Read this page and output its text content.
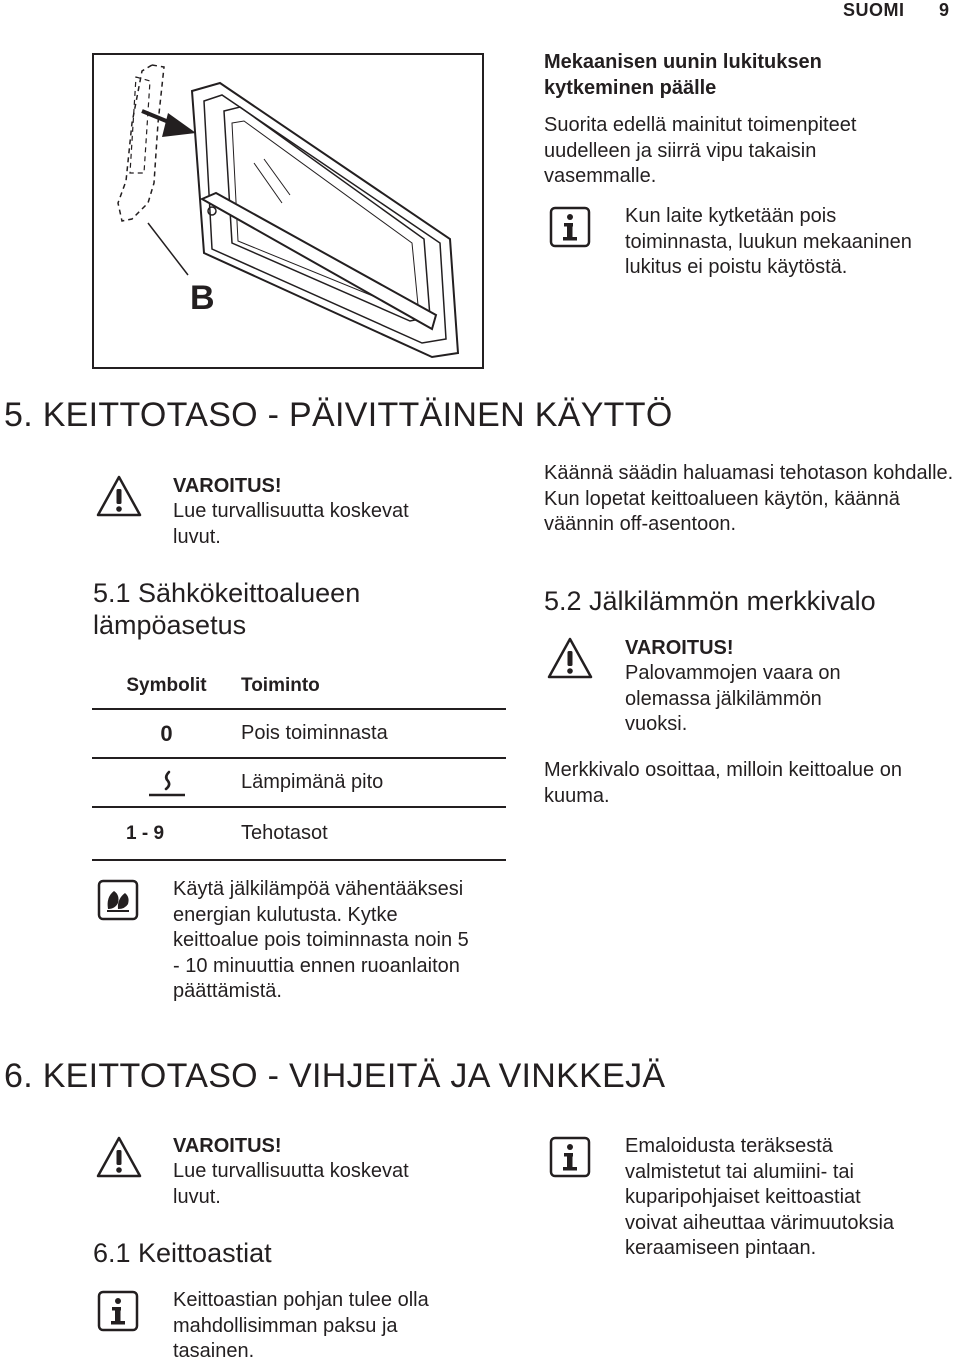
SUOMI 9
B
Mekaanisen uunin lukituksen kytkeminen päälle
Suorita edellä mainitut toimenpiteet uudelleen ja siirrä vipu takaisin vasemmalle.
Kun laite kytketään pois toiminnasta, luukun mekaaninen lukitus ei poistu käytöstä.
5. KEITTOTASO - PÄIVITTÄINEN KÄYTTÖ
VAROITUS!
Lue turvallisuutta koskevat luvut.
5.1 Sähkökeittoalueen lämpöasetus
Symbolit	Toiminto
0	Pois toiminnasta

	Lämpimänä pito
1 - 9	Tehotasot
Käännä säädin haluamasi tehotason kohdalle. Kun lopetat keittoalueen käytön, käännä väännin off-asentoon.
5.2 Jälkilämmön merkkivalo
VAROITUS!
Palovammojen vaara on olemassa jälkilämmön vuoksi.
Merkkivalo osoittaa, milloin keittoalue on kuuma.
Käytä jälkilämpöä vähentääksesi energian kulutusta. Kytke keittoalue pois toiminnasta noin 5 - 10 minuuttia ennen ruoanlaiton päättämistä.
6. KEITTOTASO - VIHJEITÄ JA VINKKEJÄ
VAROITUS!
Lue turvallisuutta koskevat luvut.
6.1 Keittoastiat
Keittoastian pohjan tulee olla mahdollisimman paksu ja tasainen.
Emaloidusta teräksestä valmistetut tai alumiini- tai kuparipohjaiset keittoastiat voivat aiheuttaa värimuutoksia keraamiseen pintaan.
